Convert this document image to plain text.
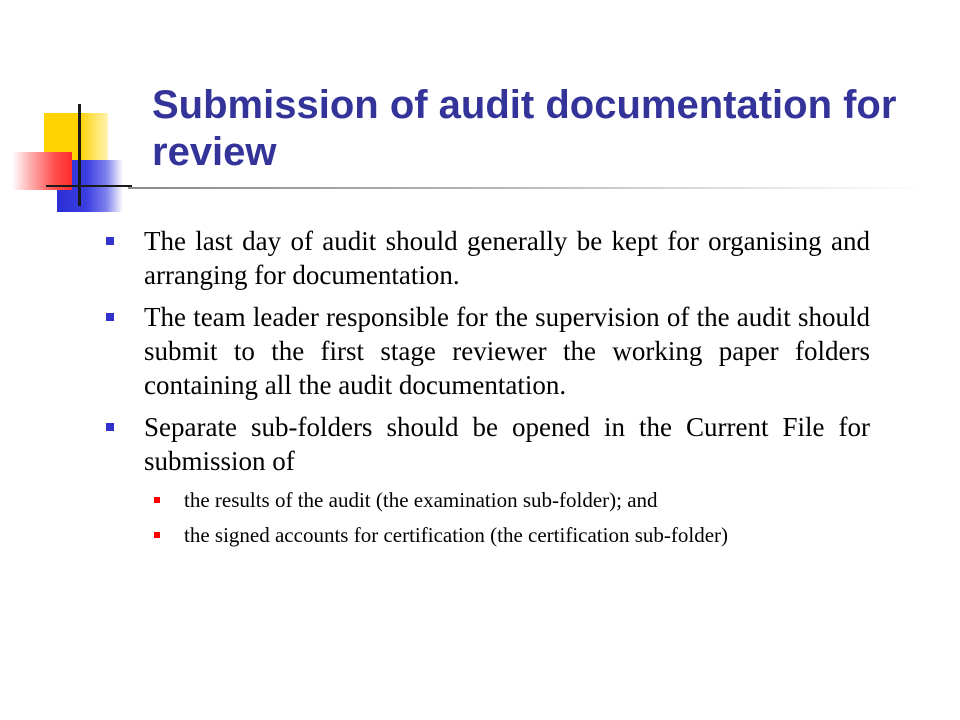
Submission of audit documentation for review
The last day of audit should generally be kept for organising and arranging for documentation.
The team leader responsible for the supervision of the audit should submit to the first stage reviewer the working paper folders containing all the audit documentation.
Separate sub-folders should be opened in the Current File for submission of
the results of the audit (the examination sub-folder); and
the signed accounts for certification (the certification sub-folder)
